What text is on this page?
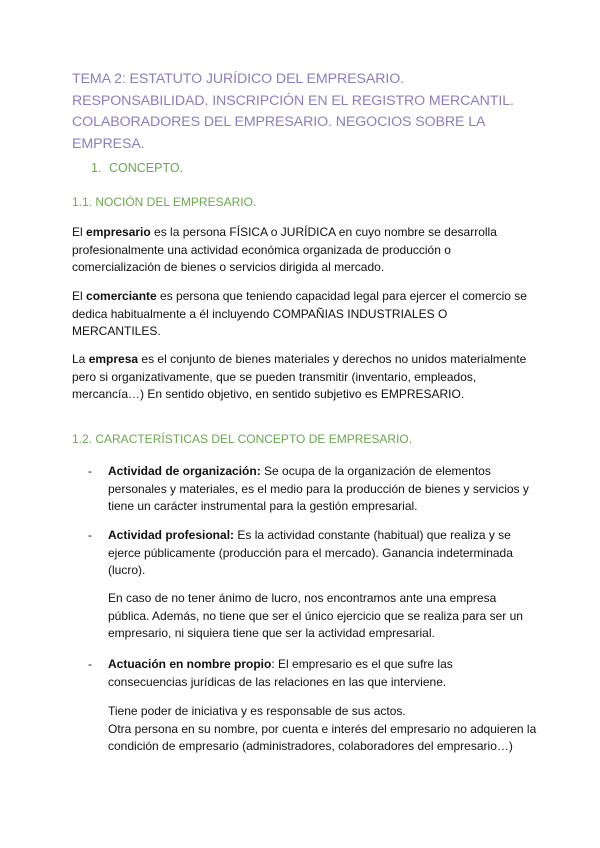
TEMA 2: ESTATUTO JURÍDICO DEL EMPRESARIO. RESPONSABILIDAD. INSCRIPCIÓN EN EL REGISTRO MERCANTIL. COLABORADORES DEL EMPRESARIO. NEGOCIOS SOBRE LA EMPRESA.
1. CONCEPTO.
1.1. NOCIÓN DEL EMPRESARIO.
El empresario es la persona FÍSICA o JURÍDICA en cuyo nombre se desarrolla profesionalmente una actividad económica organizada de producción o comercialización de bienes o servicios dirigida al mercado.
El comerciante es persona que teniendo capacidad legal para ejercer el comercio se dedica habitualmente a él incluyendo COMPAÑIAS INDUSTRIALES O MERCANTILES.
La empresa es el conjunto de bienes materiales y derechos no unidos materialmente pero si organizativamente, que se pueden transmitir (inventario, empleados, mercancía…) En sentido objetivo, en sentido subjetivo es EMPRESARIO.
1.2. CARACTERÍSTICAS DEL CONCEPTO DE EMPRESARIO.
- Actividad de organización: Se ocupa de la organización de elementos personales y materiales, es el medio para la producción de bienes y servicios y tiene un carácter instrumental para la gestión empresarial.
- Actividad profesional: Es la actividad constante (habitual) que realiza y se ejerce públicamente (producción para el mercado). Ganancia indeterminada (lucro).
En caso de no tener ánimo de lucro, nos encontramos ante una empresa pública. Además, no tiene que ser el único ejercicio que se realiza para ser un empresario, ni siquiera tiene que ser la actividad empresarial.
- Actuación en nombre propio: El empresario es el que sufre las consecuencias jurídicas de las relaciones en las que interviene.
Tiene poder de iniciativa y es responsable de sus actos.
Otra persona en su nombre, por cuenta e interés del empresario no adquieren la condición de empresario (administradores, colaboradores del empresario…)
